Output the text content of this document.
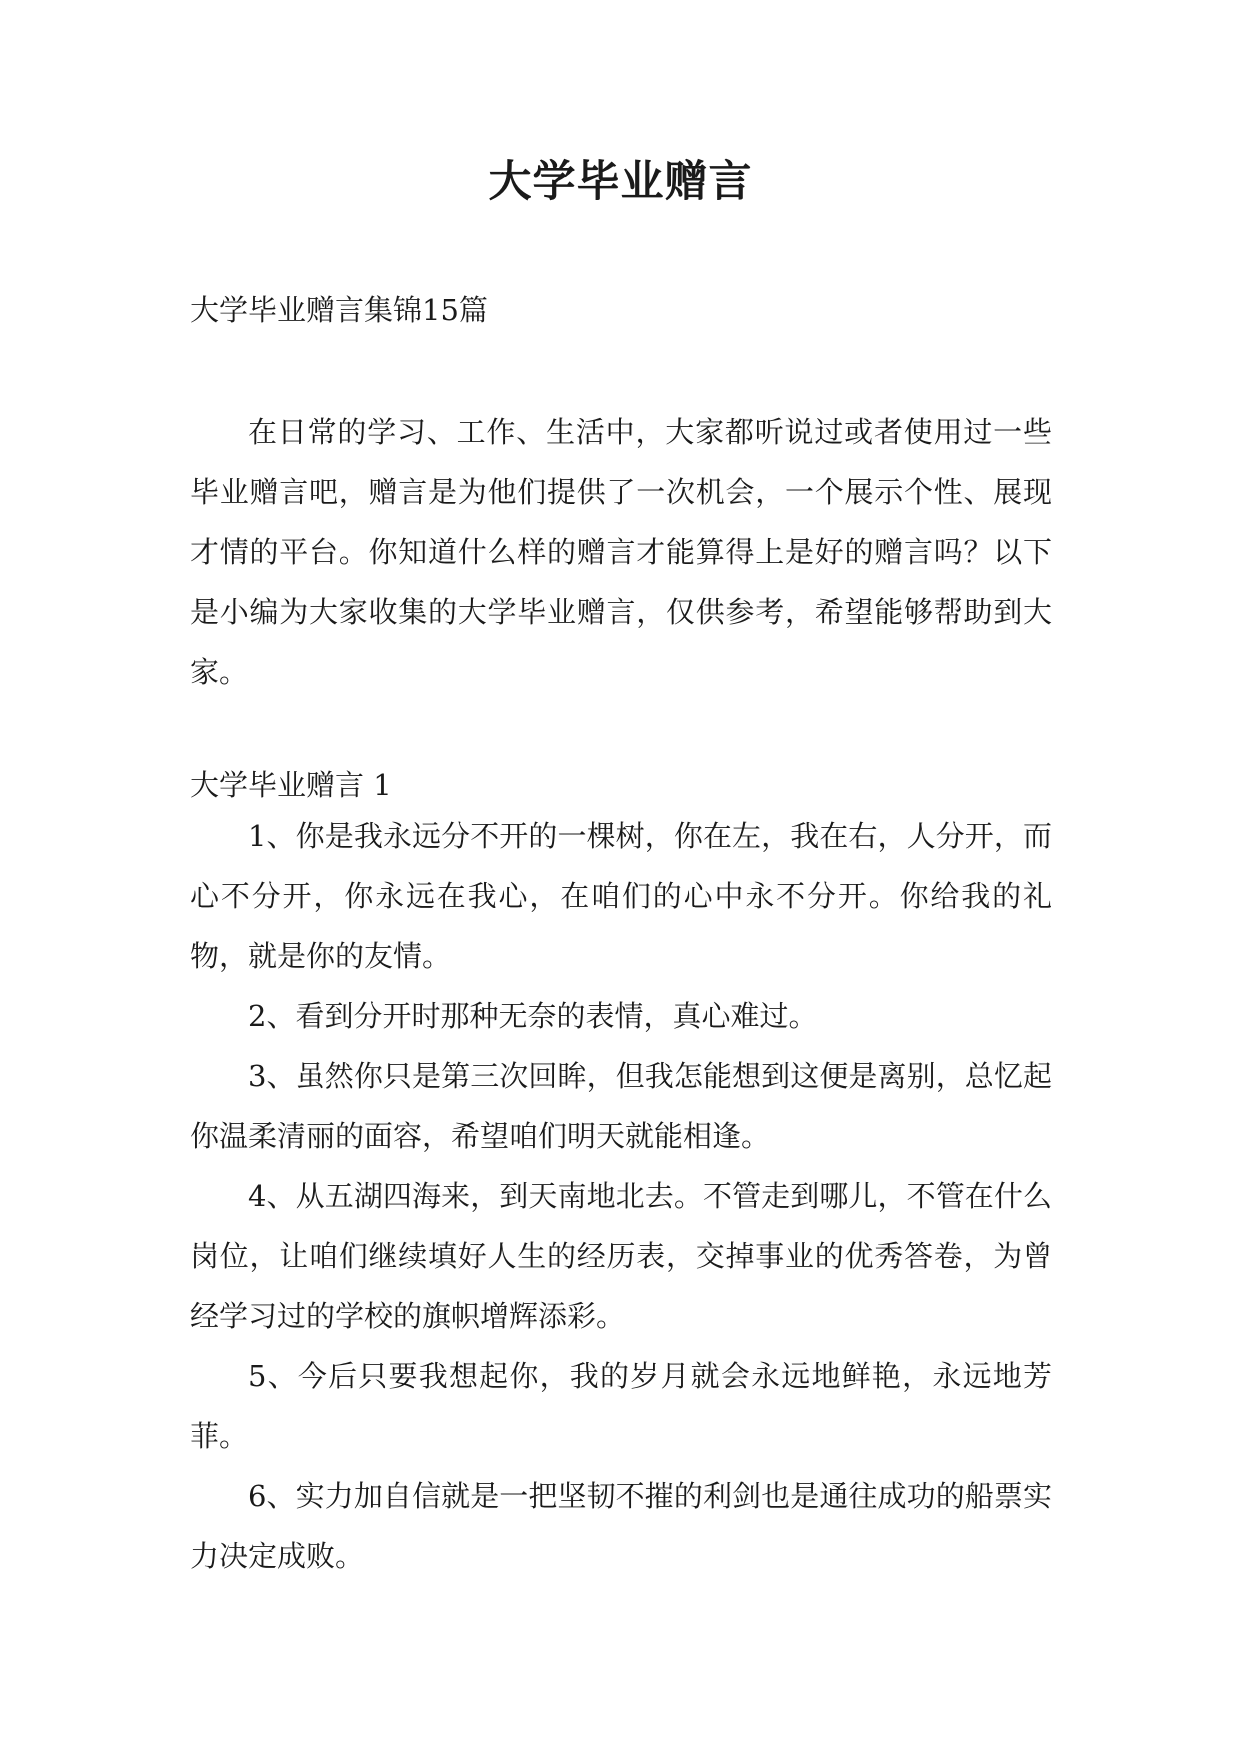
大学毕业赠言
大学毕业赠言集锦15篇

在日常的学习、工作、生活中，大家都听说过或者使用过一些毕业赠言吧，赠言是为他们提供了一次机会，一个展示个性、展现才情的平台。你知道什么样的赠言才能算得上是好的赠言吗？以下是小编为大家收集的大学毕业赠言，仅供参考，希望能够帮助到大家。

大学毕业赠言 1

1、你是我永远分不开的一棵树，你在左，我在右，人分开，而心不分开，你永远在我心，在咱们的心中永不分开。你给我的礼物，就是你的友情。

2、看到分开时那种无奈的表情，真心难过。

3、虽然你只是第三次回眸，但我怎能想到这便是离别，总忆起你温柔清丽的面容，希望咱们明天就能相逢。

4、从五湖四海来，到天南地北去。不管走到哪儿，不管在什么岗位，让咱们继续填好人生的经历表，交掉事业的优秀答卷，为曾经学习过的学校的旗帜增辉添彩。

5、今后只要我想起你，我的岁月就会永远地鲜艳，永远地芳菲。

6、实力加自信就是一把坚韧不摧的利剑也是通往成功的船票实力决定成败。
